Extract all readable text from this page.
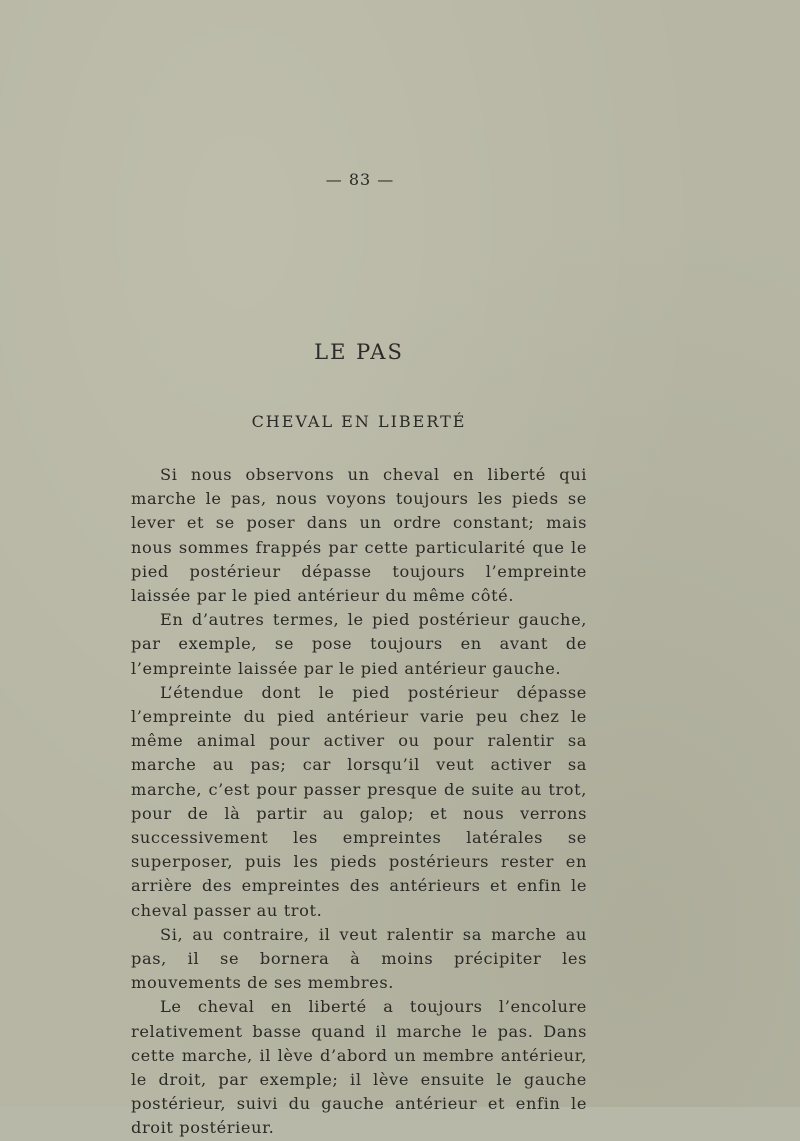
— 83 —
LE PAS
CHEVAL EN LIBERTÉ

Si nous observons un cheval en liberté qui marche le pas, nous voyons toujours les pieds se lever et se poser dans un ordre constant; mais nous sommes frappés par cette particularité que le pied postérieur dépasse toujours l’empreinte laissée par le pied antérieur du même côté.

En d’autres termes, le pied postérieur gauche, par exemple, se pose toujours en avant de l’empreinte laissée par le pied antérieur gauche.

L’étendue dont le pied postérieur dépasse l’empreinte du pied antérieur varie peu chez le même animal pour activer ou pour ralentir sa marche au pas; car lorsqu’il veut activer sa marche, c’est pour passer presque de suite au trot, pour de là partir au galop; et nous verrons successivement les empreintes latérales se superposer, puis les pieds postérieurs rester en arrière des empreintes des antérieurs et enfin le cheval passer au trot.

Si, au contraire, il veut ralentir sa marche au pas, il se bornera à moins précipiter les mouvements de ses membres.

Le cheval en liberté a toujours l’encolure relativement basse quand il marche le pas. Dans cette marche, il lève d’abord un membre antérieur, le droit, par exemple; il lève ensuite le gauche postérieur, suivi du gauche antérieur et enfin le droit postérieur.
